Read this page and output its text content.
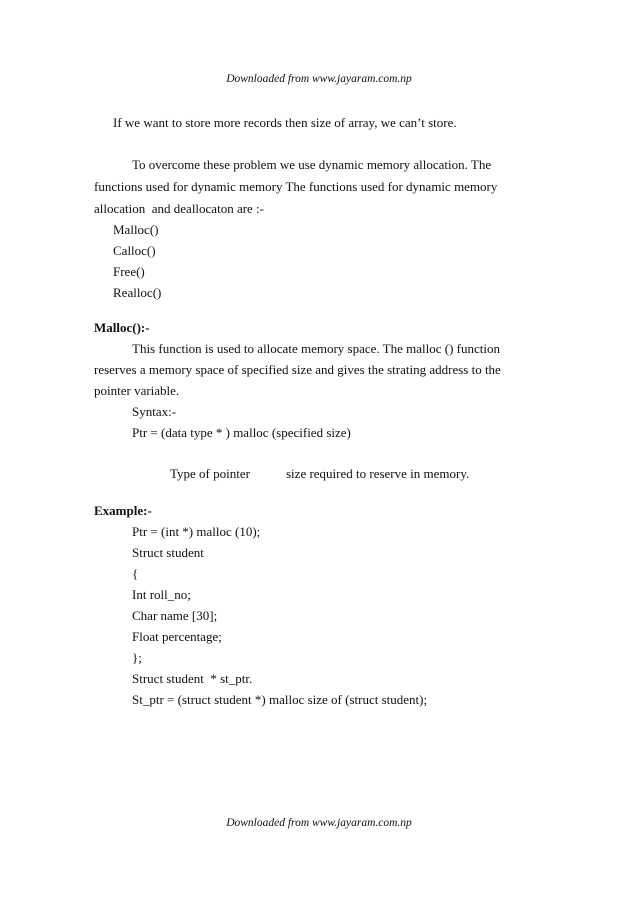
Downloaded from www.jayaram.com.np
If we want to store more records then size of array, we can’t store.
To overcome these problem we use dynamic memory allocation. The
functions used for dynamic memory The functions used for dynamic memory
allocation  and deallocaton are :-
Malloc()
Calloc()
Free()
Realloc()
Malloc():-
This function is used to allocate memory space. The malloc () function
reserves a memory space of specified size and gives the strating address to the
pointer variable.
Syntax:-
Ptr = (data type * ) malloc (specified size)
Type of pointer	size required to reserve in memory.
Example:-
Ptr = (int *) malloc (10);
Struct student
{
Int roll_no;
Char name [30];
Float percentage;
};
Struct student  * st_ptr.
St_ptr = (struct student *) malloc size of (struct student);
Downloaded from www.jayaram.com.np
